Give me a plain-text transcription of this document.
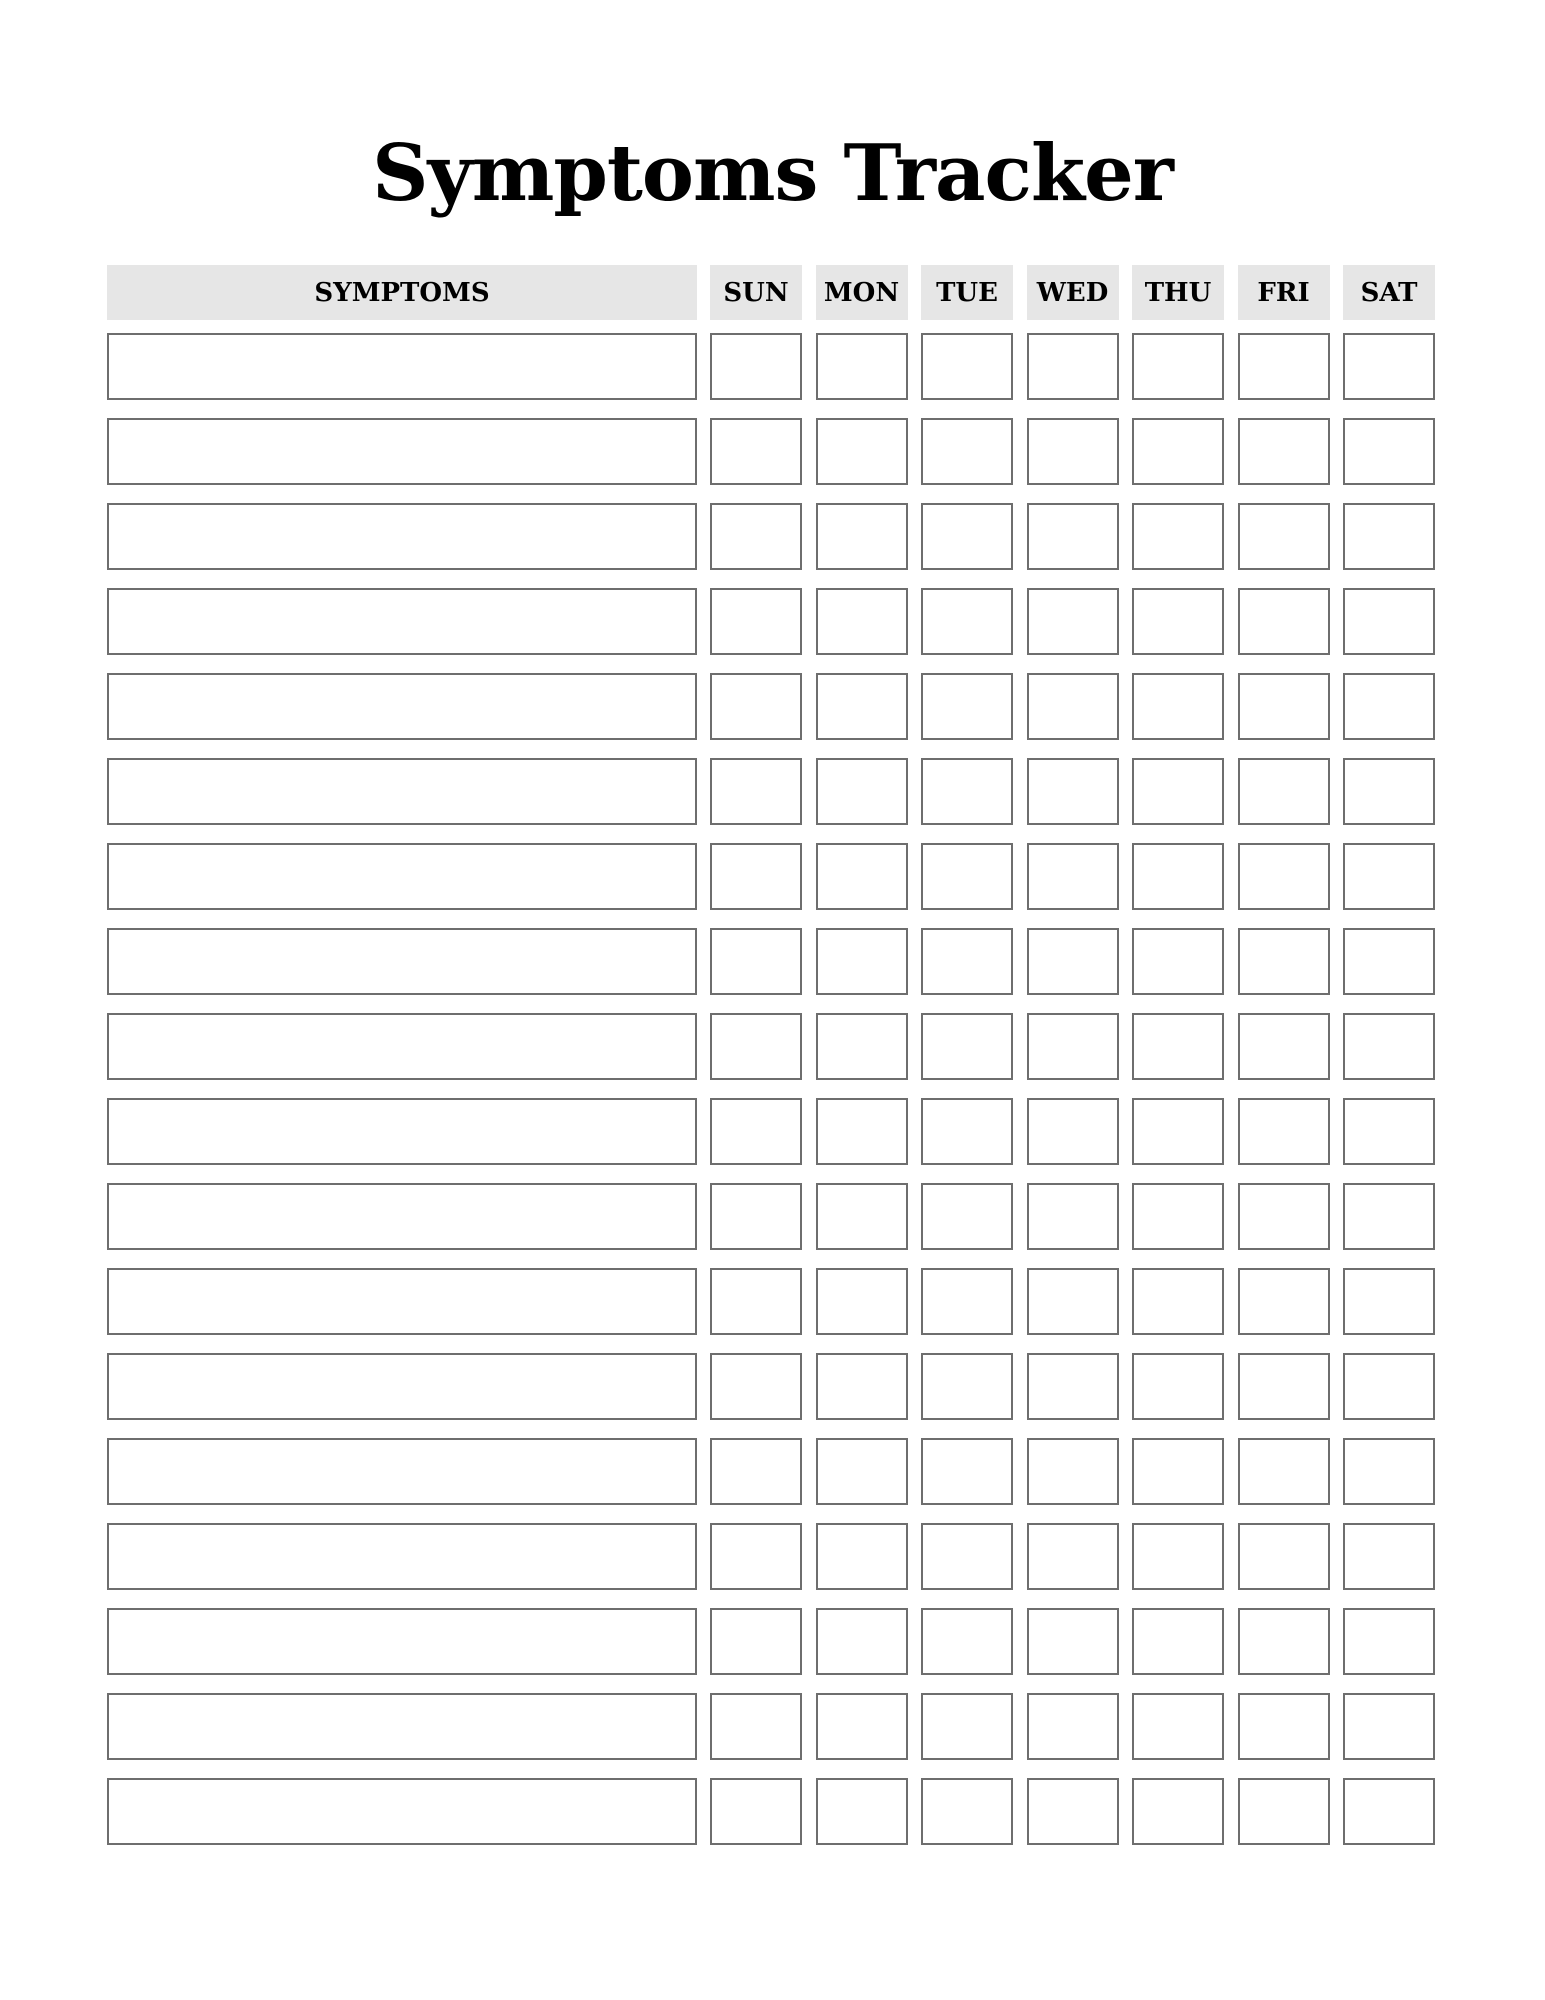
Symptoms Tracker
SYMPTOMS	SUN	MON	TUE	WED	THU	FRI	SAT
